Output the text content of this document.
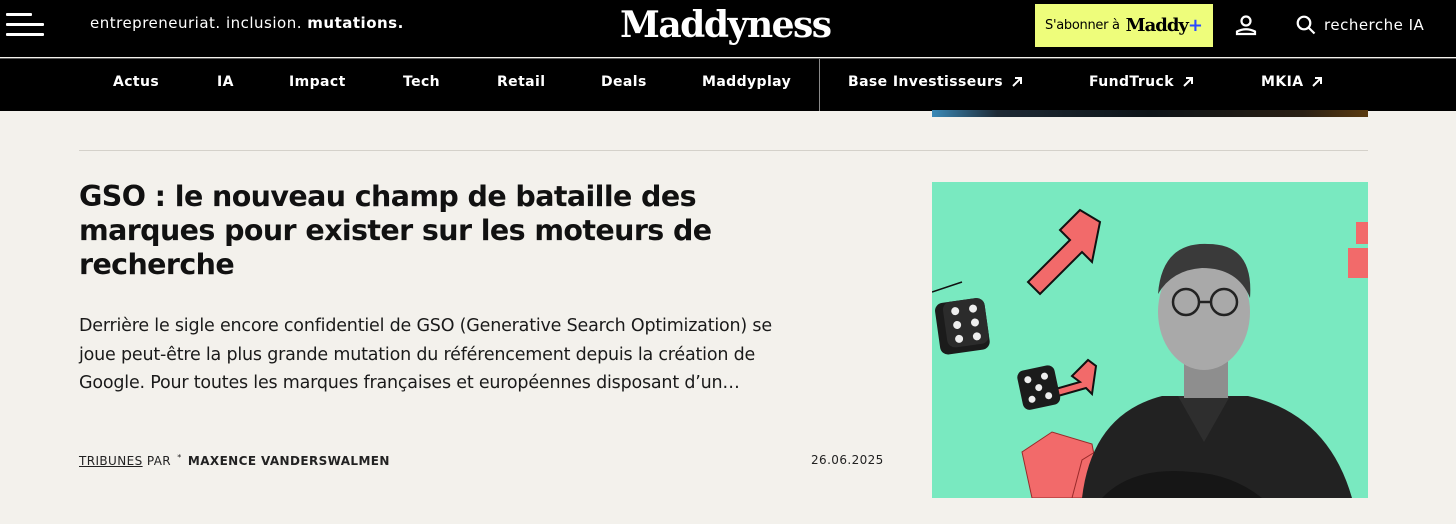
entrepreneuriat. inclusion. mutations.	Maddyness	S'abonner à Maddy +	recherche IA
Actus	IA	Impact	Tech	Retail	Deals	Maddyplay	Base Investisseurs	FundTruck	MKIA
GSO : le nouveau champ de bataille des marques pour exister sur les moteurs de recherche

Derrière le sigle encore confidentiel de GSO (Generative Search Optimization) se joue peut-être la plus grande mutation du référencement depuis la création de Google. Pour toutes les marques françaises et européennes disposant d’un…

TRIBUNES PAR * MAXENCE VANDERSWALMEN	26.06.2025
